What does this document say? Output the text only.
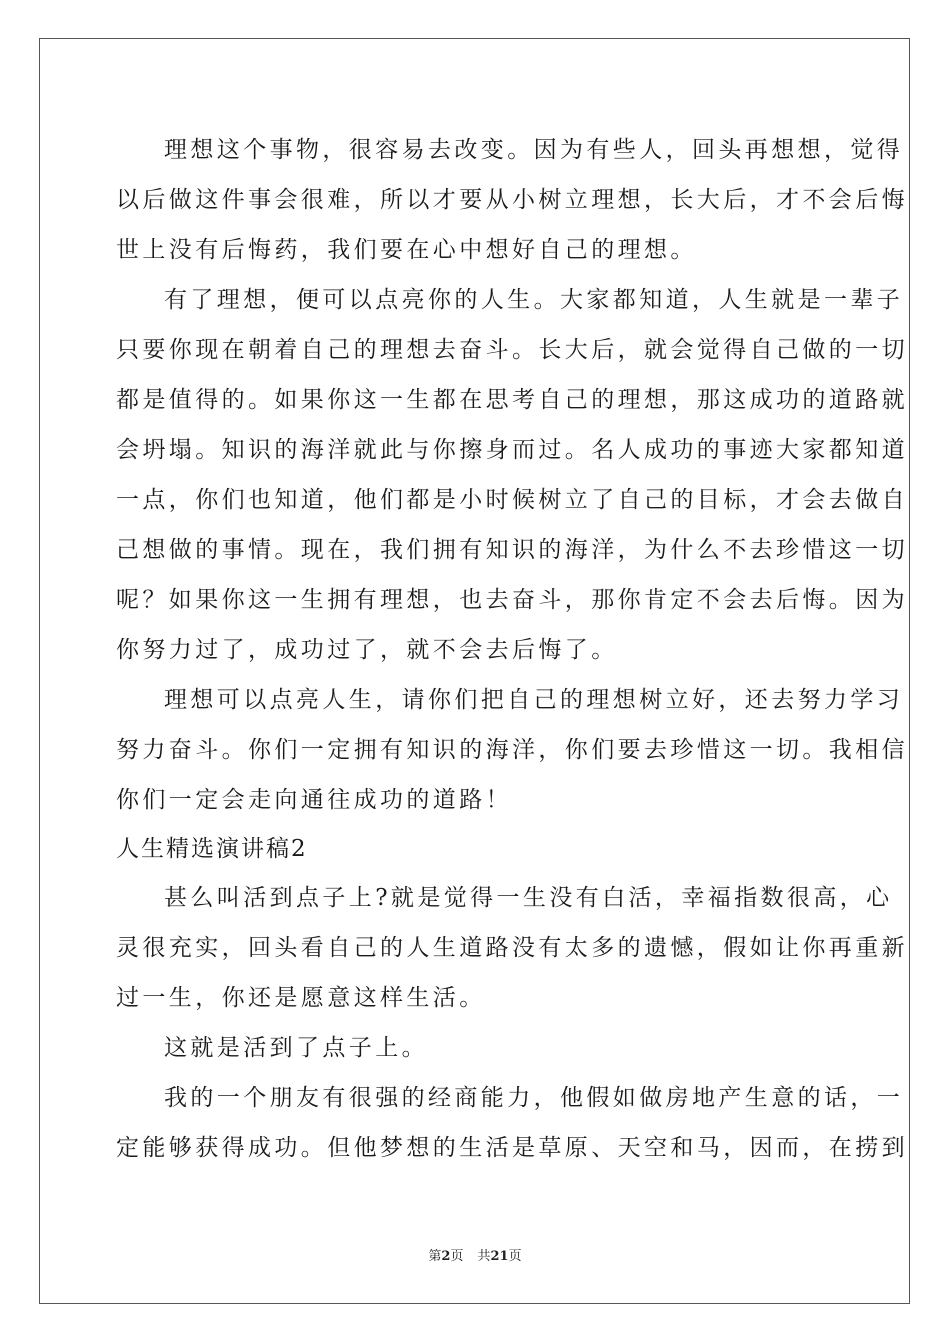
理想这个事物，很容易去改变。因为有些人，回头再想想，觉得
以后做这件事会很难，所以才要从小树立理想，长大后，才不会后悔
世上没有后悔药，我们要在心中想好自己的理想。
有了理想，便可以点亮你的人生。大家都知道，人生就是一辈子
只要你现在朝着自己的理想去奋斗。长大后，就会觉得自己做的一切
都是值得的。如果你这一生都在思考自己的理想，那这成功的道路就
会坍塌。知识的海洋就此与你擦身而过。名人成功的事迹大家都知道
一点，你们也知道，他们都是小时候树立了自己的目标，才会去做自
己想做的事情。现在，我们拥有知识的海洋，为什么不去珍惜这一切
呢？如果你这一生拥有理想，也去奋斗，那你肯定不会去后悔。因为
你努力过了，成功过了，就不会去后悔了。
理想可以点亮人生，请你们把自己的理想树立好，还去努力学习
努力奋斗。你们一定拥有知识的海洋，你们要去珍惜这一切。我相信
你们一定会走向通往成功的道路！
人生精选演讲稿2
甚么叫活到点子上?就是觉得一生没有白活，幸福指数很高，心
灵很充实，回头看自己的人生道路没有太多的遗憾，假如让你再重新
过一生，你还是愿意这样生活。
这就是活到了点子上。
我的一个朋友有很强的经商能力，他假如做房地产生意的话，一
定能够获得成功。但他梦想的生活是草原、天空和马，因而，在捞到
第2页 共21页
